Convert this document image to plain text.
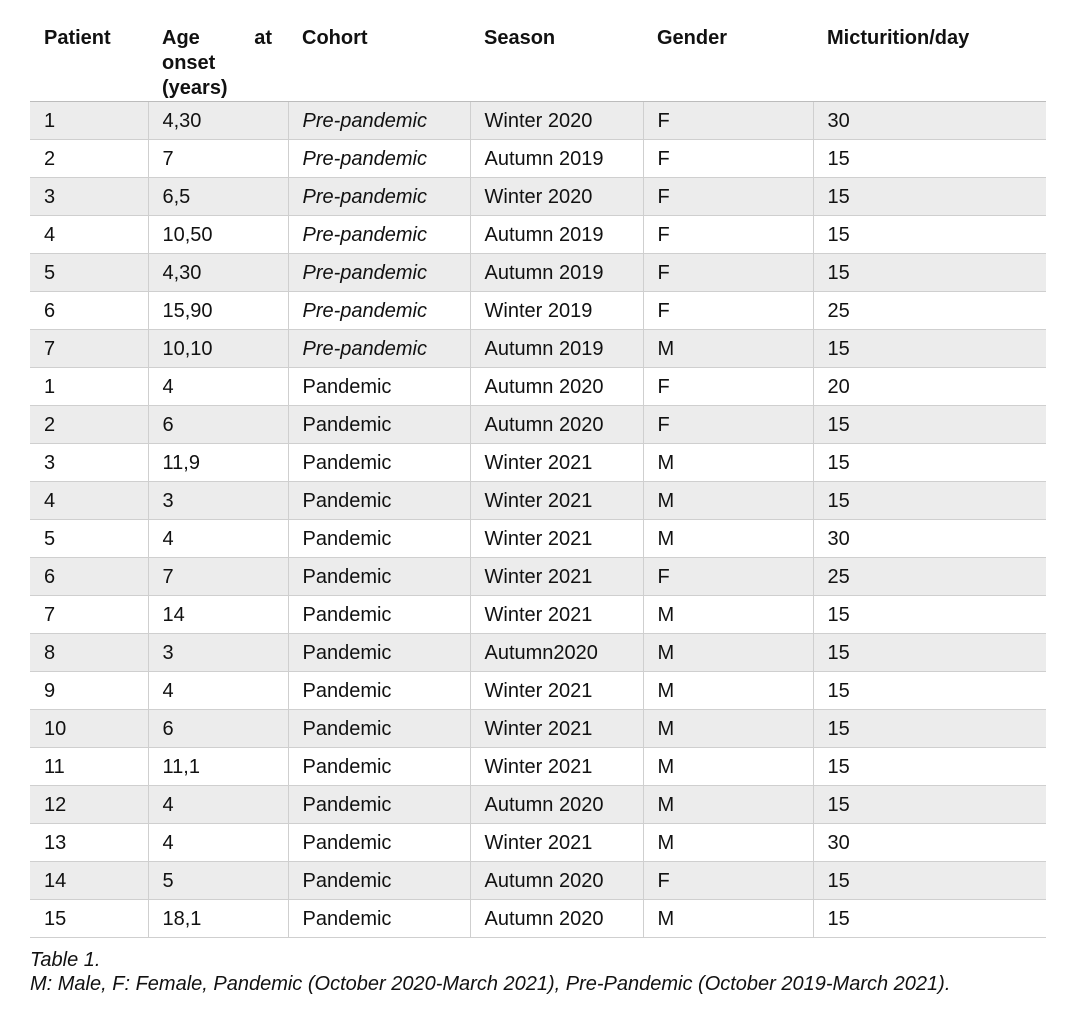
Patient	Age at
onset
(years)	Cohort	Season	Gender	Micturition/day
1	4,30	Pre-pandemic	Winter 2020	F	30
2	7	Pre-pandemic	Autumn 2019	F	15
3	6,5	Pre-pandemic	Winter 2020	F	15
4	10,50	Pre-pandemic	Autumn 2019	F	15
5	4,30	Pre-pandemic	Autumn 2019	F	15
6	15,90	Pre-pandemic	Winter 2019	F	25
7	10,10	Pre-pandemic	Autumn 2019	M	15
1	4	Pandemic	Autumn 2020	F	20
2	6	Pandemic	Autumn 2020	F	15
3	11,9	Pandemic	Winter 2021	M	15
4	3	Pandemic	Winter 2021	M	15
5	4	Pandemic	Winter 2021	M	30
6	7	Pandemic	Winter 2021	F	25
7	14	Pandemic	Winter 2021	M	15
8	3	Pandemic	Autumn2020	M	15
9	4	Pandemic	Winter 2021	M	15
10	6	Pandemic	Winter 2021	M	15
11	11,1	Pandemic	Winter 2021	M	15
12	4	Pandemic	Autumn 2020	M	15
13	4	Pandemic	Winter 2021	M	30
14	5	Pandemic	Autumn 2020	F	15
15	18,1	Pandemic	Autumn 2020	M	15
Table 1.
M: Male, F: Female, Pandemic (October 2020-March 2021), Pre-Pandemic (October 2019-March 2021).
